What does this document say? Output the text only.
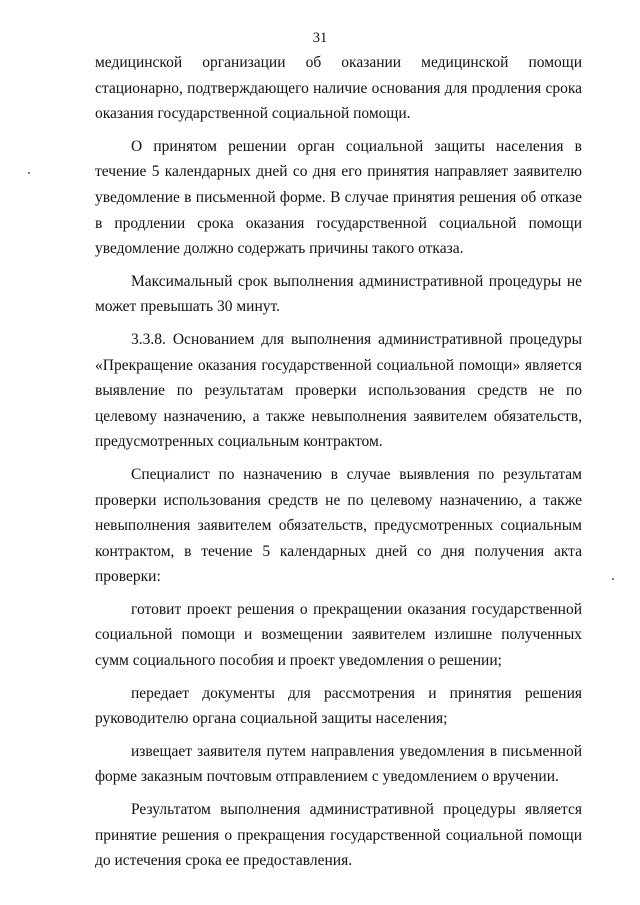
31

медицинской организации об оказании медицинской помощи стационарно, подтверждающего наличие основания для продления срока оказания государственной социальной помощи.

О принятом решении орган социальной защиты населения в течение 5 календарных дней со дня его принятия направляет заявителю уведомление в письменной форме. В случае принятия решения об отказе в продлении срока оказания государственной социальной помощи уведомление должно содержать причины такого отказа.

Максимальный срок выполнения административной процедуры не может превышать 30 минут.

3.3.8. Основанием для выполнения административной процедуры «Прекращение оказания государственной социальной помощи» является выявление по результатам проверки использования средств не по целевому назначению, а также невыполнения заявителем обязательств, предусмотренных социальным контрактом.

Специалист по назначению в случае выявления по результатам проверки использования средств не по целевому назначению, а также невыполнения заявителем обязательств, предусмотренных социальным контрактом, в течение 5 календарных дней со дня получения акта проверки:

готовит проект решения о прекращении оказания государственной социальной помощи и возмещении заявителем излишне полученных сумм социального пособия и проект уведомления о решении;

передает документы для рассмотрения и принятия решения руководителю органа социальной защиты населения;

извещает заявителя путем направления уведомления в письменной форме заказным почтовым отправлением с уведомлением о вручении.

Результатом выполнения административной процедуры является принятие решения о прекращения государственной социальной помощи до истечения срока ее предоставления.
